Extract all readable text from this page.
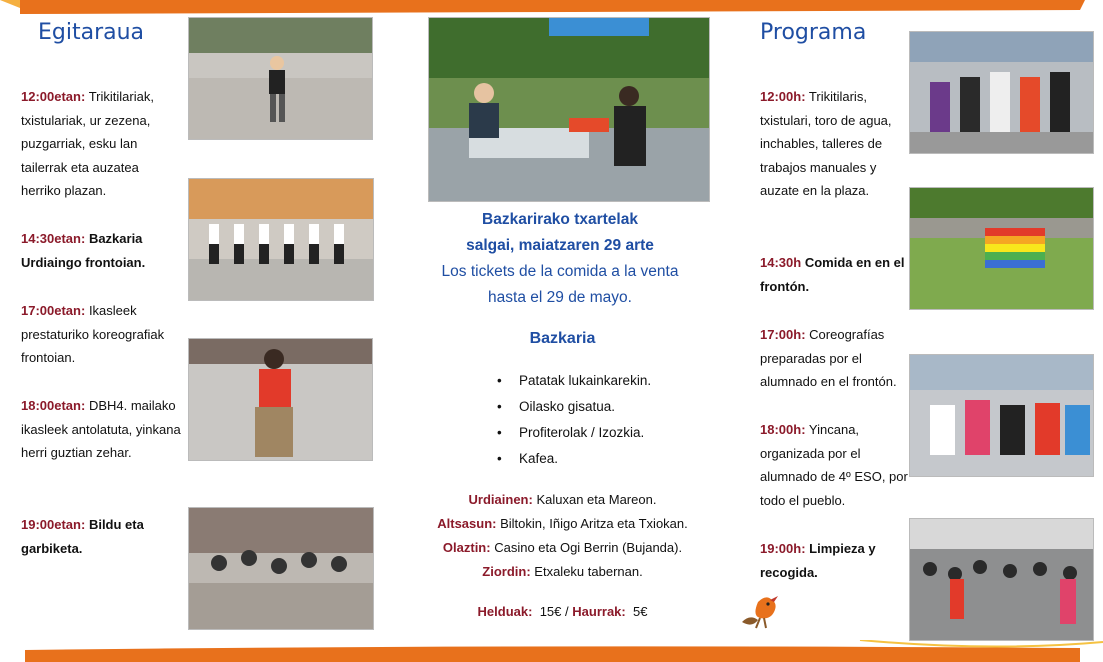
Egitaraua
12:00etan: Trikitilariak, txistulariak, ur zezena, puzgarriak, esku lan tailerrak eta auzatea herriko plazan.
14:30etan: Bazkaria Urdiaingo frontoian.
17:00etan: Ikasleek prestaturiko koreografiak frontoian.
18:00etan: DBH4. mailako ikasleek antolatuta, yinkana herri guztian zehar.
19:00etan: Bildu eta garbiketa.
Bazkarirako txartelak
salgai, maiatzaren 29 arte
Los tickets de la comida a la venta
hasta el 29 de mayo.
Bazkaria
• Patatak lukainkarekin.
• Oilasko gisatua.
• Profiterolak / Izozkia.
• Kafea.
Urdiainen: Kaluxan eta Mareon.
Altsasun: Biltokin, Iñigo Aritza eta Txiokan.
Olaztin: Casino eta Ogi Berrin (Bujanda).
Ziordin: Etxaleku tabernan.
Helduak: 15€ / Haurrak: 5€
Programa
12:00h: Trikitilaris, txistulari, toro de agua, inchables, talleres de trabajos manuales y auzate en la plaza.
14:30h Comida en en el frontón.
17:00h: Coreografías preparadas por el alumnado en el frontón.
18:00h: Yincana, organizada por el alumnado de 4º ESO, por todo el pueblo.
19:00h: Limpieza y recogida.
